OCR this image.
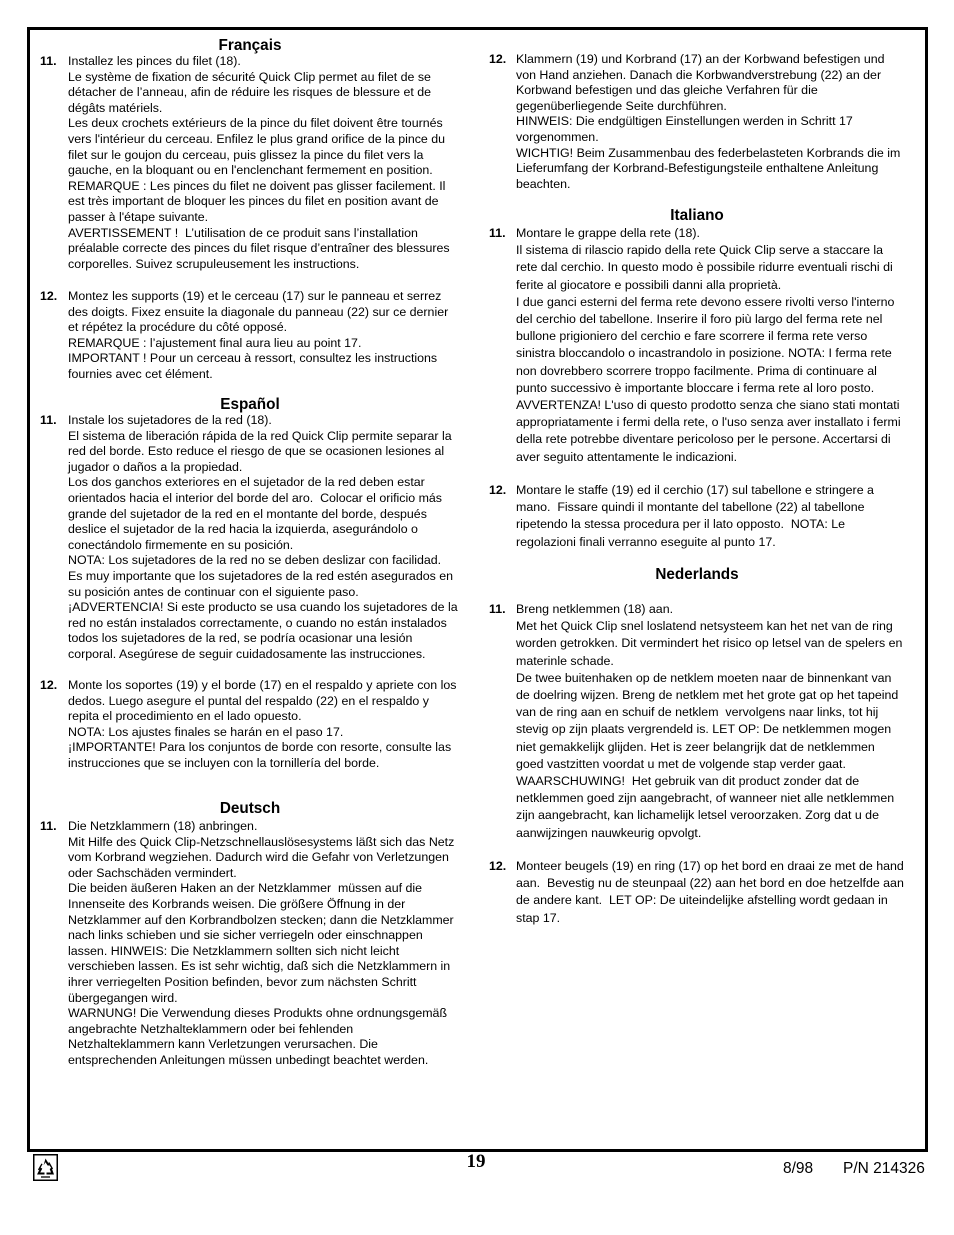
Français
11. Installez les pinces du filet (18).
Le système de fixation de sécurité Quick Clip permet au filet de se
détacher de l’anneau, afin de réduire les risques de blessure et de
dégâts matériels.
Les deux crochets extérieurs de la pince du filet doivent être tournés
vers l'intérieur du cerceau. Enfilez le plus grand orifice de la pince du
filet sur le goujon du cerceau, puis glissez la pince du filet vers la
gauche, en la bloquant ou en l'enclenchant fermement en position.
REMARQUE : Les pinces du filet ne doivent pas glisser facilement. Il
est très important de bloquer les pinces du filet en position avant de
passer à l'étape suivante.
AVERTISSEMENT !  L’utilisation de ce produit sans l’installation
préalable correcte des pinces du filet risque d’entraîner des blessures
corporelles. Suivez scrupuleusement les instructions.
12. Montez les supports (19) et le cerceau (17) sur le panneau et serrez
des doigts. Fixez ensuite la diagonale du panneau (22) sur ce dernier
et répétez la procédure du côté opposé.
REMARQUE : l’ajustement final aura lieu au point 17.
IMPORTANT ! Pour un cerceau à ressort, consultez les instructions
fournies avec cet élément.
Español
11. Instale los sujetadores de la red (18).
El sistema de liberación rápida de la red Quick Clip permite separar la
red del borde. Esto reduce el riesgo de que se ocasionen lesiones al
jugador o daños a la propiedad.
Los dos ganchos exteriores en el sujetador de la red deben estar
orientados hacia el interior del borde del aro.  Colocar el orificio más
grande del sujetador de la red en el montante del borde, después
deslice el sujetador de la red hacia la izquierda, asegurándolo o
conectándolo firmemente en su posición.
NOTA: Los sujetadores de la red no se deben deslizar con facilidad.
Es muy importante que los sujetadores de la red estén asegurados en
su posición antes de continuar con el siguiente paso.
¡ADVERTENCIA! Si este producto se usa cuando los sujetadores de la
red no están instalados correctamente, o cuando no están instalados
todos los sujetadores de la red, se podría ocasionar una lesión
corporal. Asegúrese de seguir cuidadosamente las instrucciones.
12. Monte los soportes (19) y el borde (17) en el respaldo y apriete con los
dedos. Luego asegure el puntal del respaldo (22) en el respaldo y
repita el procedimiento en el lado opuesto.
NOTA: Los ajustes finales se harán en el paso 17.
¡IMPORTANTE! Para los conjuntos de borde con resorte, consulte las
instrucciones que se incluyen con la tornillería del borde.
Deutsch
11. Die Netzklammern (18) anbringen.
Mit Hilfe des Quick Clip-Netzschnellauslösesystems läßt sich das Netz
vom Korbrand wegziehen. Dadurch wird die Gefahr von Verletzungen
oder Sachschäden vermindert.
Die beiden äußeren Haken an der Netzklammer  müssen auf die
Innenseite des Korbrands weisen. Die größere Öffnung in der
Netzklammer auf den Korbrandbolzen stecken; dann die Netzklammer
nach links schieben und sie sicher verriegeln oder einschnappen
lassen. HINWEIS: Die Netzklammern sollten sich nicht leicht
verschieben lassen. Es ist sehr wichtig, daß sich die Netzklammern in
ihrer verriegelten Position befinden, bevor zum nächsten Schritt
übergegangen wird.
WARNUNG! Die Verwendung dieses Produkts ohne ordnungsgemäß
angebrachte Netzhalteklammern oder bei fehlenden
Netzhalteklammern kann Verletzungen verursachen. Die
entsprechenden Anleitungen müssen unbedingt beachtet werden.
12. Klammern (19) und Korbrand (17) an der Korbwand befestigen und
von Hand anziehen. Danach die Korbwandverstrebung (22) an der
Korbwand befestigen und das gleiche Verfahren für die
gegenüberliegende Seite durchführen.
HINWEIS: Die endgültigen Einstellungen werden in Schritt 17
vorgenommen.
WICHTIG! Beim Zusammenbau des federbelasteten Korbrands die im
Lieferumfang der Korbrand-Befestigungsteile enthaltene Anleitung
beachten.
Italiano
11. Montare le grappe della rete (18).
Il sistema di rilascio rapido della rete Quick Clip serve a staccare la
rete dal cerchio. In questo modo è possibile ridurre eventuali rischi di
ferite al giocatore e possibili danni alla proprietà.
I due ganci esterni del ferma rete devono essere rivolti verso l'interno
del cerchio del tabellone. Inserire il foro più largo del ferma rete nel
bullone prigioniero del cerchio e fare scorrere il ferma rete verso
sinistra bloccandolo o incastrandolo in posizione. NOTA: I ferma rete
non dovrebbero scorrere troppo facilmente. Prima di continuare al
punto successivo è importante bloccare i ferma rete al loro posto.
AVVERTENZA! L'uso di questo prodotto senza che siano stati montati
appropriatamente i fermi della rete, o l'uso senza aver installato i fermi
della rete potrebbe diventare pericoloso per le persone. Accertarsi di
aver seguito attentamente le indicazioni.
12. Montare le staffe (19) ed il cerchio (17) sul tabellone e stringere a
mano.  Fissare quindi il montante del tabellone (22) al tabellone
ripetendo la stessa procedura per il lato opposto.  NOTA: Le
regolazioni finali verranno eseguite al punto 17.
Nederlands
11. Breng netklemmen (18) aan.
Met het Quick Clip snel loslatend netsysteem kan het net van de ring
worden getrokken. Dit vermindert het risico op letsel van de spelers en
materinle schade.
De twee buitenhaken op de netklem moeten naar de binnenkant van
de doelring wijzen. Breng de netklem met het grote gat op het tapeind
van de ring aan en schuif de netklem  vervolgens naar links, tot hij
stevig op zijn plaats vergrendeld is. LET OP: De netklemmen mogen
niet gemakkelijk glijden. Het is zeer belangrijk dat de netklemmen
goed vastzitten voordat u met de volgende stap verder gaat.
WAARSCHUWING!  Het gebruik van dit product zonder dat de
netklemmen goed zijn aangebracht, of wanneer niet alle netklemmen
zijn aangebracht, kan lichamelijk letsel veroorzaken. Zorg dat u de
aanwijzingen nauwkeurig opvolgt.
12. Monteer beugels (19) en ring (17) op het bord en draai ze met de hand
aan.  Bevestig nu de steunpaal (22) aan het bord en doe hetzelfde aan
de andere kant.  LET OP: De uiteindelijke afstelling wordt gedaan in
stap 17.
19	8/98 P/N 214326
